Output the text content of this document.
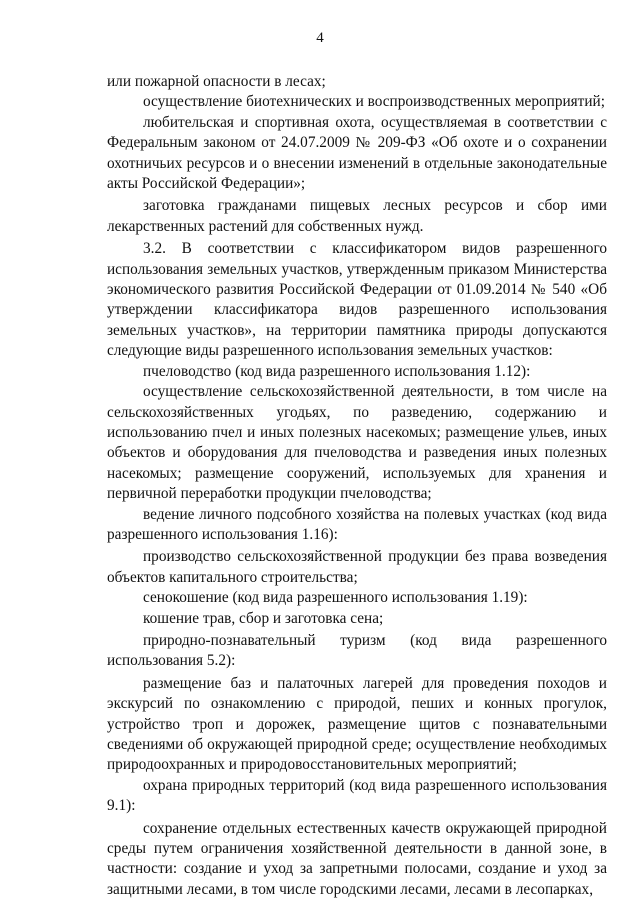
4

или пожарной опасности в лесах;

осуществление биотехнических и воспроизводственных мероприятий;

любительская и спортивная охота, осуществляемая в соответствии с Федеральным законом от 24.07.2009 № 209-ФЗ «Об охоте и о сохранении охотничьих ресурсов и о внесении изменений в отдельные законодательные акты Российской Федерации»;

заготовка гражданами пищевых лесных ресурсов и сбор ими лекарственных растений для собственных нужд.

3.2. В соответствии с классификатором видов разрешенного использования земельных участков, утвержденным приказом Министерства экономического развития Российской Федерации от 01.09.2014 № 540 «Об утверждении классификатора видов разрешенного использования земельных участков», на территории памятника природы допускаются следующие виды разрешенного использования земельных участков:

пчеловодство (код вида разрешенного использования 1.12):

осуществление сельскохозяйственной деятельности, в том числе на сельскохозяйственных угодьях, по разведению, содержанию и использованию пчел и иных полезных насекомых; размещение ульев, иных объектов и оборудования для пчеловодства и разведения иных полезных насекомых; размещение сооружений, используемых для хранения и первичной переработки продукции пчеловодства;

ведение личного подсобного хозяйства на полевых участках (код вида разрешенного использования 1.16):

производство сельскохозяйственной продукции без права возведения объектов капитального строительства;

сенокошение (код вида разрешенного использования 1.19):

кошение трав, сбор и заготовка сена;

природно-познавательный туризм (код вида разрешенного использования 5.2):

размещение баз и палаточных лагерей для проведения походов и экскурсий по ознакомлению с природой, пеших и конных прогулок, устройство троп и дорожек, размещение щитов с познавательными сведениями об окружающей природной среде; осуществление необходимых природоохранных и природовосстановительных мероприятий;

охрана природных территорий (код вида разрешенного использования 9.1):

сохранение отдельных естественных качеств окружающей природной среды путем ограничения хозяйственной деятельности в данной зоне, в частности: создание и уход за запретными полосами, создание и уход за защитными лесами, в том числе городскими лесами, лесами в лесопарках,
